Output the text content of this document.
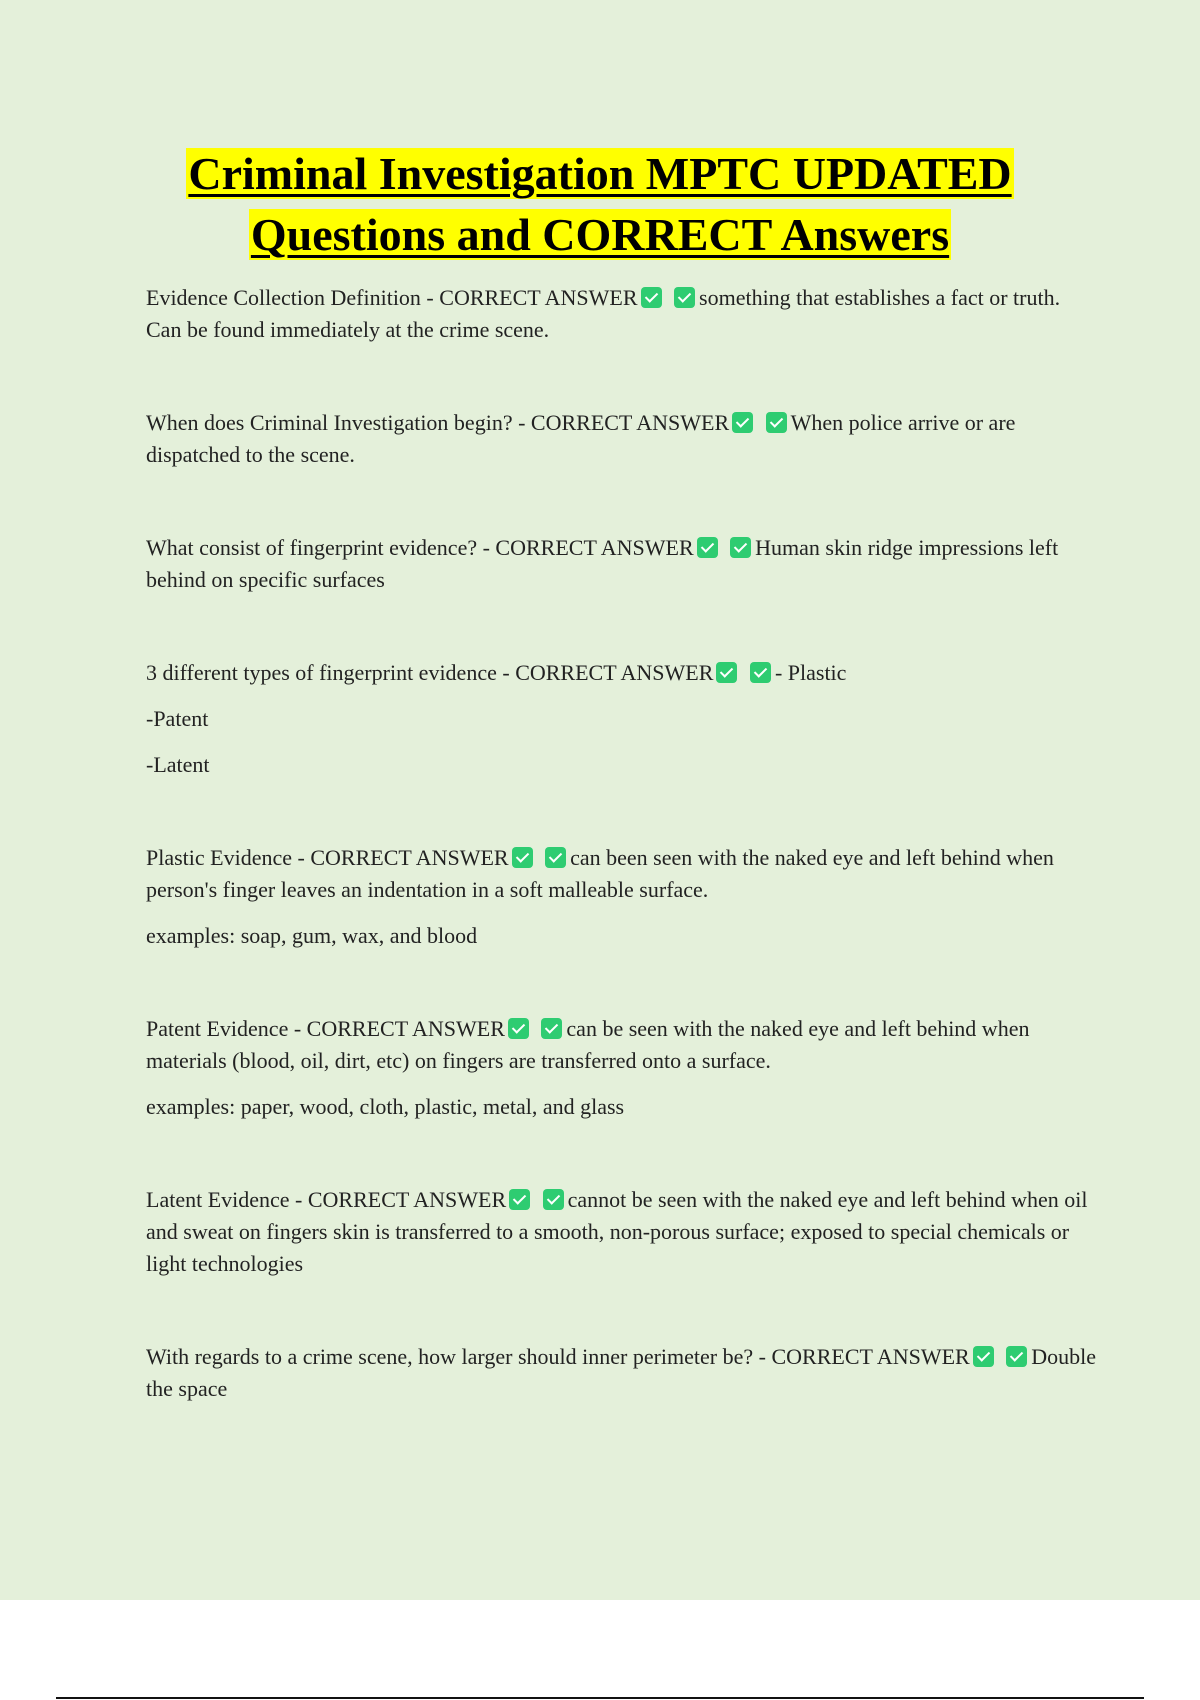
Criminal Investigation MPTC UPDATED
Questions and CORRECT Answers

Evidence Collection Definition - CORRECT ANSWER	something that establishes a fact or truth. Can be found immediately at the crime scene.

When does Criminal Investigation begin? - CORRECT ANSWER	When police arrive or are dispatched to the scene.

What consist of fingerprint evidence? - CORRECT ANSWER	Human skin ridge impressions left behind on specific surfaces

3 different types of fingerprint evidence - CORRECT ANSWER	- Plastic

-Patent

-Latent

Plastic Evidence - CORRECT ANSWER	can been seen with the naked eye and left behind when person's finger leaves an indentation in a soft malleable surface.

examples: soap, gum, wax, and blood

Patent Evidence - CORRECT ANSWER	can be seen with the naked eye and left behind when materials (blood, oil, dirt, etc) on fingers are transferred onto a surface.

examples: paper, wood, cloth, plastic, metal, and glass

Latent Evidence - CORRECT ANSWER	cannot be seen with the naked eye and left behind when oil and sweat on fingers skin is transferred to a smooth, non-porous surface; exposed to special chemicals or light technologies

With regards to a crime scene, how larger should inner perimeter be? - CORRECT ANSWER	Double the space
